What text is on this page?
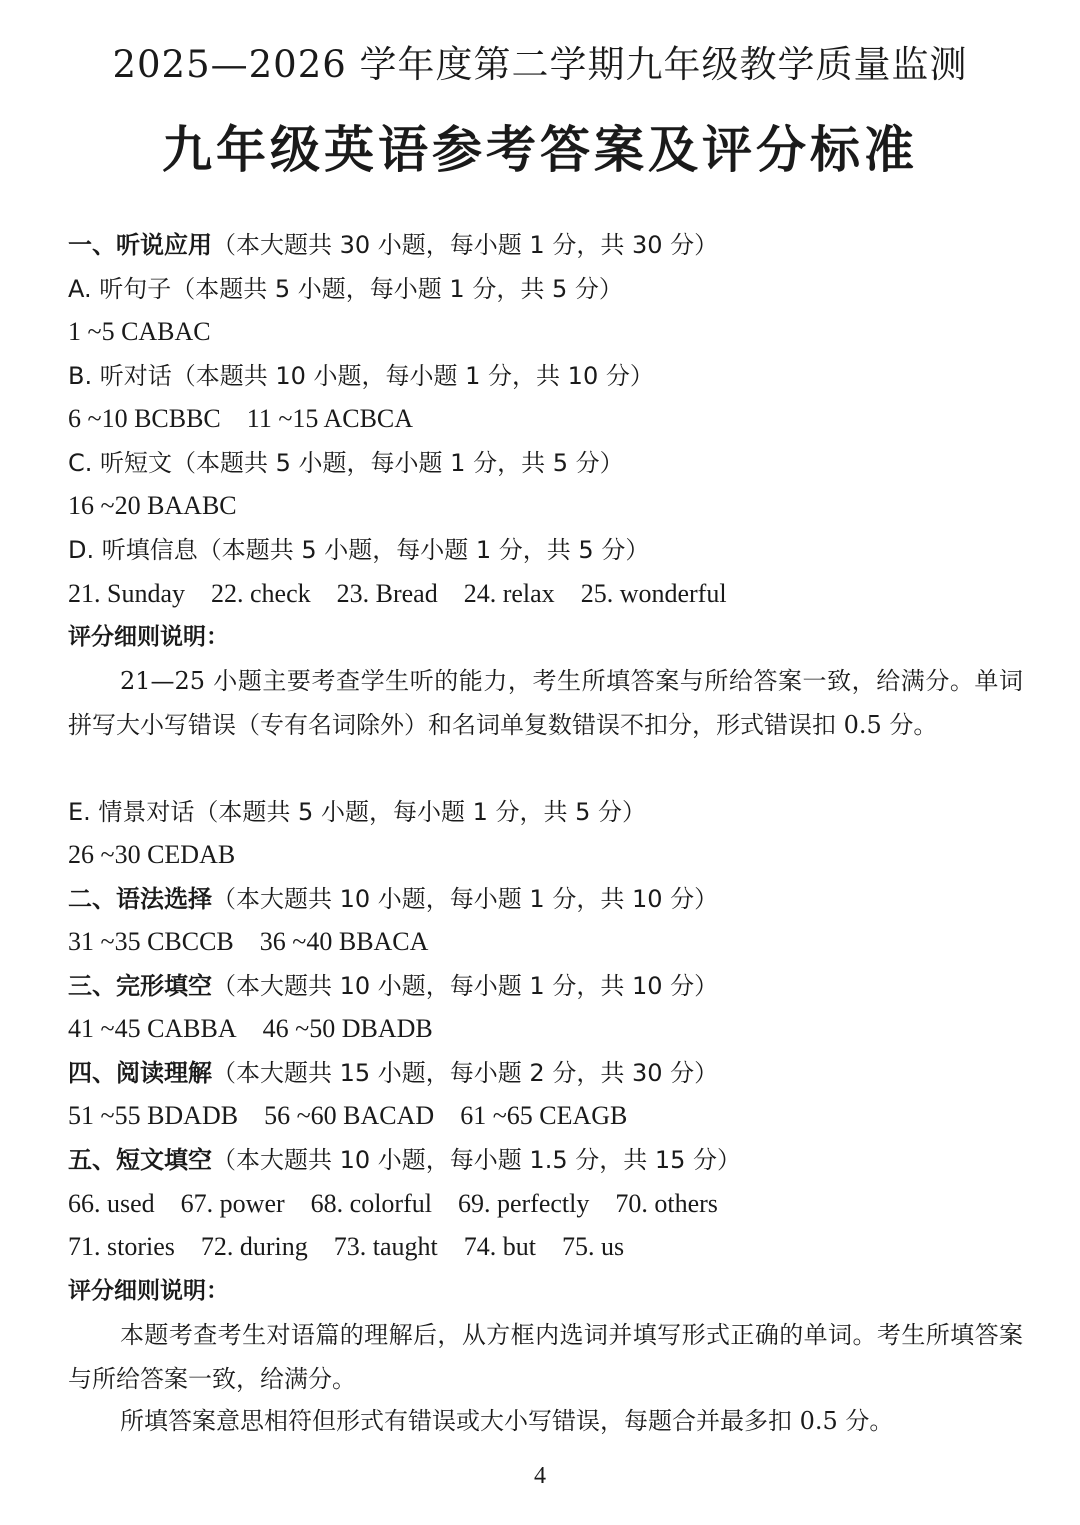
2025—2026 学年度第二学期九年级教学质量监测
九年级英语参考答案及评分标准
一、听说应用（本大题共 30 小题，每小题 1 分，共 30 分）
A. 听句子（本题共 5 小题，每小题 1 分，共 5 分）
1 ~5 CABAC
B. 听对话（本题共 10 小题，每小题 1 分，共 10 分）
6 ~10 BCBBC 11 ~15 ACBCA
C. 听短文（本题共 5 小题，每小题 1 分，共 5 分）
16 ~20 BAABC
D. 听填信息（本题共 5 小题，每小题 1 分，共 5 分）
21. Sunday 22. check 23. Bread 24. relax 25. wonderful
评分细则说明：
21—25 小题主要考查学生听的能力，考生所填答案与所给答案一致，给满分。单词拼写大小写错误（专有名词除外）和名词单复数错误不扣分，形式错误扣 0.5 分。
E. 情景对话（本题共 5 小题，每小题 1 分，共 5 分）
26 ~30 CEDAB
二、语法选择（本大题共 10 小题，每小题 1 分，共 10 分）
31 ~35 CBCCB 36 ~40 BBACA
三、完形填空（本大题共 10 小题，每小题 1 分，共 10 分）
41 ~45 CABBA 46 ~50 DBADB
四、阅读理解（本大题共 15 小题，每小题 2 分，共 30 分）
51 ~55 BDADB 56 ~60 BACAD 61 ~65 CEAGB
五、短文填空（本大题共 10 小题，每小题 1.5 分，共 15 分）
66. used 67. power 68. colorful 69. perfectly 70. others
71. stories 72. during 73. taught 74. but 75. us
评分细则说明：
本题考查考生对语篇的理解后，从方框内选词并填写形式正确的单词。考生所填答案与所给答案一致，给满分。
所填答案意思相符但形式有错误或大小写错误，每题合并最多扣 0.5 分。
4
